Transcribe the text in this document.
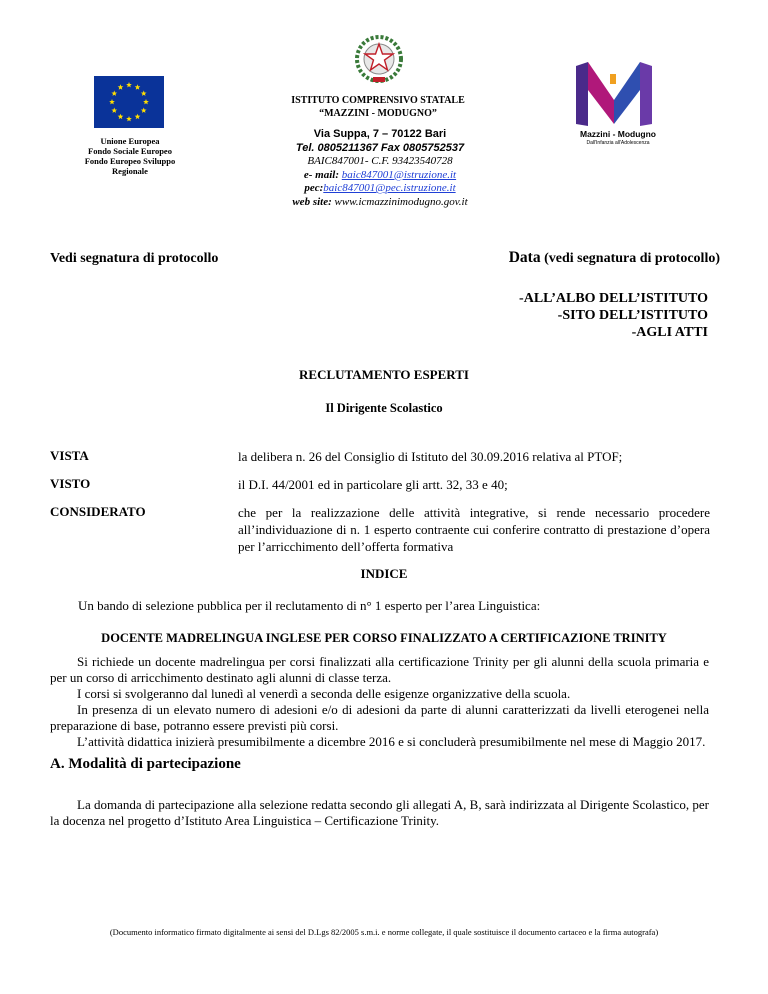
Unione Europea
Fondo Sociale Europeo
Fondo Europeo Sviluppo
Regionale
ISTITUTO COMPRENSIVO STATALE
“MAZZINI - MODUGNO”
Via Suppa, 7 – 70122 Bari
Tel. 0805211367 Fax 0805752537
BAIC847001- C.F. 93423540728
e- mail: baic847001@istruzione.it
pec:baic847001@pec.istruzione.it
web site: www.icmazzinimodugno.gov.it
Mazzini - Modugno
Dall'Infanzia all'Adolescenza
Vedi segnatura di protocollo	Data (vedi segnatura di protocollo)
-ALL’ALBO DELL’ISTITUTO
-SITO DELL’ISTITUTO
-AGLI ATTI
RECLUTAMENTO ESPERTI
Il Dirigente Scolastico
VISTA	la delibera n. 26 del Consiglio di Istituto del 30.09.2016 relativa al PTOF;
VISTO	il D.I. 44/2001 ed in particolare gli artt. 32, 33 e 40;
CONSIDERATO	che per la realizzazione delle attività integrative, si rende necessario procedere all’individuazione di n. 1 esperto contraente cui conferire contratto di prestazione d’opera per l’arricchimento dell’offerta formativa
INDICE
Un bando di selezione pubblica per il reclutamento di n° 1 esperto per l’area Linguistica:
DOCENTE MADRELINGUA INGLESE PER CORSO FINALIZZATO A CERTIFICAZIONE TRINITY

Si richiede un docente madrelingua per corsi finalizzati alla certificazione Trinity per gli alunni della scuola primaria e per un corso di arricchimento destinato agli alunni di classe terza.

I corsi si svolgeranno dal lunedì al venerdì a seconda delle esigenze organizzative della scuola.

In presenza di un elevato numero di adesioni e/o di adesioni da parte di alunni caratterizzati da livelli eterogenei nella preparazione di base, potranno essere previsti più corsi.

L’attività didattica inizierà presumibilmente a dicembre 2016 e si concluderà presumibilmente nel mese di Maggio 2017.

A. Modalità di partecipazione

La domanda di partecipazione alla selezione redatta secondo gli allegati A, B, sarà indirizzata al Dirigente Scolastico, per la docenza nel progetto d’Istituto Area Linguistica – Certificazione Trinity.

(Documento informatico firmato digitalmente ai sensi del D.Lgs 82/2005 s.m.i. e norme collegate, il quale sostituisce il documento cartaceo e la firma autografa)
